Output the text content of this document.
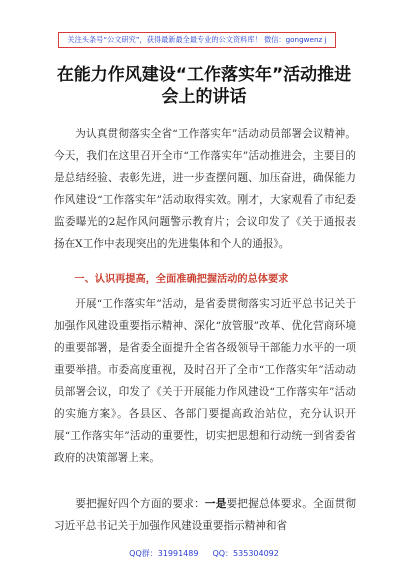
关注头条号“公文研究”，获得最新最全最专业的公文资料库！ 微信：gongwenz j
在能力作风建设“工作落实年”活动推进
会上的讲话

为认真贯彻落实全省“工作落实年”活动动员部署会议精神。今天，我们在这里召开全市“工作落实年”活动推进会，主要目的是总结经验、表彰先进，进一步查摆问题、加压奋进，确保能力作风建设“工作落实年”活动取得实效。刚才，大家观看了市纪委监委曝光的2起作风问题警示教育片；会议印发了《关于通报表扬在X工作中表现突出的先进集体和个人的通报》。

一、认识再提高，全面准确把握活动的总体要求

开展“工作落实年”活动，是省委贯彻落实习近平总书记关于加强作风建设重要指示精神、深化“放管服”改革、优化营商环境的重要部署，是省委全面提升全省各级领导干部能力水平的一项重要举措。市委高度重视，及时召开了全市“工作落实年”活动动员部署会议，印发了《关于开展能力作风建设“工作落实年”活动的实施方案》。各县区、各部门要提高政治站位，充分认识开展“工作落实年”活动的重要性，切实把思想和行动统一到省委省政府的决策部署上来。

要把握好四个方面的要求：一是要把握总体要求。全面贯彻习近平总书记关于加强作风建设重要指示精神和省

QQ群：31991489 QQ：535304092
